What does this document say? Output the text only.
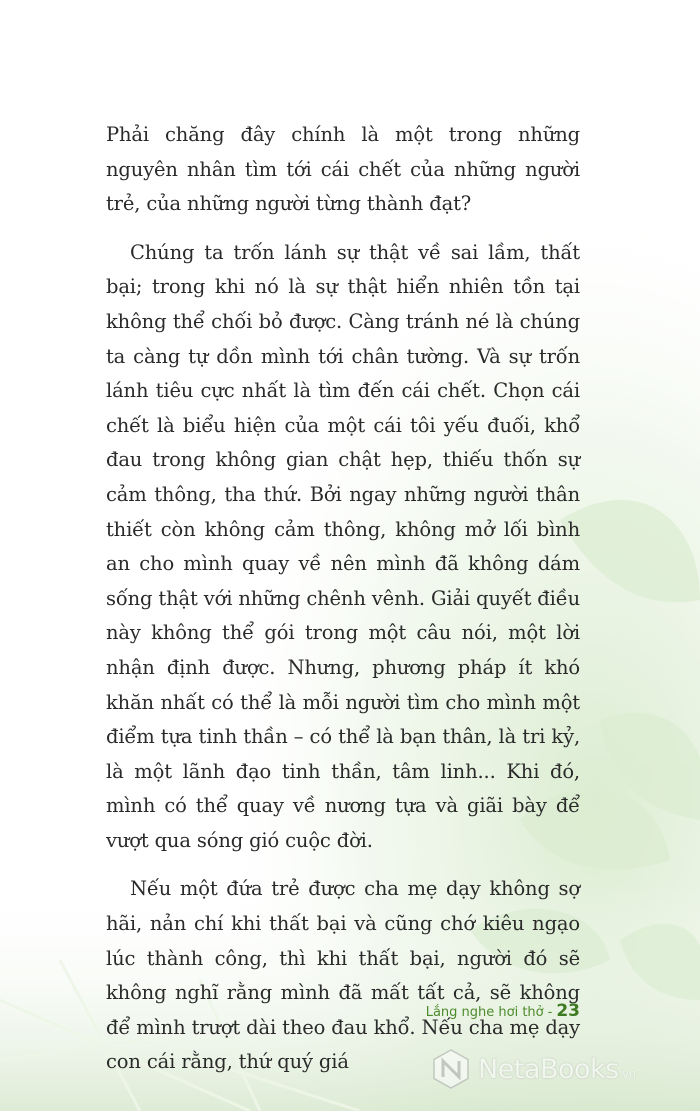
Phải chăng đây chính là một trong những nguyên nhân tìm tới cái chết của những người trẻ, của những người từng thành đạt?

Chúng ta trốn lánh sự thật về sai lầm, thất bại; trong khi nó là sự thật hiển nhiên tồn tại không thể chối bỏ được. Càng tránh né là chúng ta càng tự dồn mình tới chân tường. Và sự trốn lánh tiêu cực nhất là tìm đến cái chết. Chọn cái chết là biểu hiện của một cái tôi yếu đuối, khổ đau trong không gian chật hẹp, thiếu thốn sự cảm thông, tha thứ. Bởi ngay những người thân thiết còn không cảm thông, không mở lối bình an cho mình quay về nên mình đã không dám sống thật với những chênh vênh. Giải quyết điều này không thể gói trong một câu nói, một lời nhận định được. Nhưng, phương pháp ít khó khăn nhất có thể là mỗi người tìm cho mình một điểm tựa tinh thần – có thể là bạn thân, là tri kỷ, là một lãnh đạo tinh thần, tâm linh... Khi đó, mình có thể quay về nương tựa và giãi bày để vượt qua sóng gió cuộc đời.

Nếu một đứa trẻ được cha mẹ dạy không sợ hãi, nản chí khi thất bại và cũng chớ kiêu ngạo lúc thành công, thì khi thất bại, người đó sẽ không nghĩ rằng mình đã mất tất cả, sẽ không để mình trượt dài theo đau khổ. Nếu cha mẹ dạy con cái rằng, thứ quý giá

Lắng nghe hơi thở - 23
NetaBooks.vn
